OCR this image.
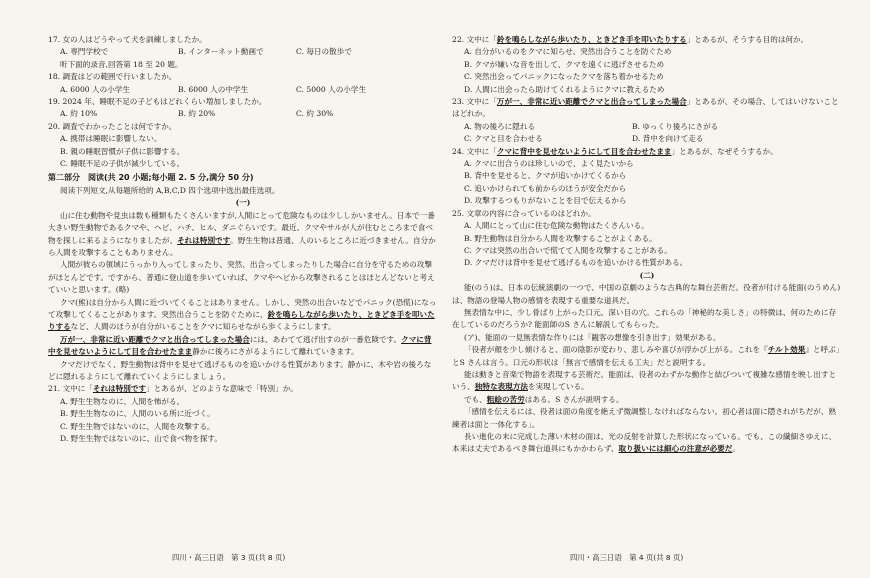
17. 女の人はどうやって犬を訓練しましたか。
A. 専門学校で	B. インターネット動画で	C. 毎日の散歩で
听下面的录音,回答第 18 至 20 题。
18. 調査はどの範囲で行いましたか。
A. 6000 人の小学生	B. 6000 人の中学生	C. 5000 人の小学生
19. 2024 年、睡眠不足の子どもはどれくらい増加しましたか。
A. 約 10%	B. 約 20%	C. 約 30%
20. 調査でわかったことは何ですか。
A. 携帯は睡眠に影響しない。
B. 親の睡眠習慣が子供に影響する。
C. 睡眠不足の子供が減少している。
第二部分　阅读(共 20 小题;每小题 2. 5 分,满分 50 分)
阅读下列短文,从每题所给的 A,B,C,D 四个选项中选出最佳选项。
(一)
山に住む動物や見虫は数も種類もたくさんいますが,人間にとって危険なものは少ししかいません。日本で一番大きい野生動物であるクマや、ヘビ、ハチ、ヒル、ダニぐらいです。最近、クマやサルが人が住むところまで食べ物を探しに来るようになりましたが、それは特別です。野生生物は普通、人のいるところに近づきません。自分から人間を攻撃することもありません。
人間が彼らの領域にうっかり入ってしまったり、突然、出合ってしまったりした場合に自分を守るための攻撃がほとんどです。ですから、普通に登山道を歩いていれば、クマやヘビから攻撃されることはほとんどないと考えていいと思います。(略)
クマ(熊)は自分から人間に近づいてくることはありません。しかし、突然の出合いなどでパニック(恐慌)になって攻撃してくることがあります。突然出合うことを防ぐために、鈴を鳴らしながら歩いたり、ときどき手を叩いたりするなど、人間のほうが自分がいることをクマに知らせながら歩くようにします。
万が一、非常に近い距離でクマと出合ってしまった場合には、あわてて逃げ出すのが一番危険です。クマに背中を見せないようにして目を合わせたまま静かに後ろにさがるようにして離れていきます。
クマだけでなく、野生動物は背中を見せて逃げるものを追いかける性質があります。静かに、木や岩の後ろなどに隠れるようにして離れていくようにしましょう。
21. 文中に「それは特別です」とあるが、どのような意味で「特別」か。
A. 野生生物なのに、人間を怖がる。
B. 野生生物なのに、人間のいる所に近づく。
C. 野生生物ではないのに、人間を攻撃する。
D. 野生生物ではないのに、山で食べ物を探す。
22. 文中に「鈴を鳴らしながら歩いたり、ときどき手を叩いたりする」とあるが、そうする目的は何か。
A. 自分がいるのをクマに知らせ、突然出合うことを防ぐため
B. クマが嫌いな音を出して、クマを遠くに逃げさせるため
C. 突然出会ってパニックになったクマを落ち着かせるため
D. 人間に出会ったら助けてくれるようにクマに教えるため
23. 文中に「万が一、非常に近い距離でクマと出合ってしまった場合」とあるが、その場合、してはいけないことはどれか。
A. 物の後ろに隠れる	B. ゆっくり後ろにさがる
C. クマと目を合わせる	D. 背中を向けて走る
24. 文中に「クマに背中を見せないようにして目を合わせたまま」とあるが、なぜそうするか。
A. クマに出合うのは珍しいので、よく見たいから
B. 背中を見せると、クマが追いかけてくるから
C. 追いかけられても前からのほうが安全だから
D. 攻撃するつもりがないことを目で伝えるから
25. 文章の内容に合っているのはどれか。
A. 人間にとって山に住む危険な動物はたくさんいる。
B. 野生動物は自分から人間を攻撃することがよくある。
C. クマは突然の出合いで慌てて人間を攻撃することがある。
D. クマだけは背中を見せて逃げるものを追いかける性質がある。
(二)
能(のう)は、日本の伝統演劇の一つで、中国の京劇のような古典的な舞台芸術だ。役者が付ける能面(のうめん)は、物語の登場人物の感情を表現する重要な道具だ。
無表情な中に、少し骨ばり上がった口元、深い目の穴。これらの「神秘的な美しさ」の特徴は、何のために存在しているのだろうか? 能面師のS さんに解説してもらった。
(ア)、能面の一見無表情な作りには「観客の想像を引き出す」効果がある。
「役者が顔を少し傾けると、面の陰影が変わり、悲しみや喜びが浮かび上がる。これを『チルト効果』と呼ぶ」とS さんは言う。口元の形状は「無言で感情を伝える工夫」だと説明する。
能は動きと音楽で物語を表現する芸術だ。能面は、役者のわずかな動作と結びついて複雑な感情を映し出すという、独特な表現方法を実現している。
でも、粗絵の苦労はある。S さんが説明する。
「感情を伝えるには、役者は面の角度を絶えず微調整しなければならない。初心者は面に隠されがちだが、熟練者は面と一体化する」。
長い進化の末に完成した薄い木材の面は、光の反射を計算した形状になっている。でも、この繊細さゆえに、本来は丈夫であるべき舞台道具にもかかわらず、取り扱いには細心の注意が必要だ。
四川・高三日语　第 3 页(共 8 页)	四川・高三日语　第 4 页(共 8 页)
